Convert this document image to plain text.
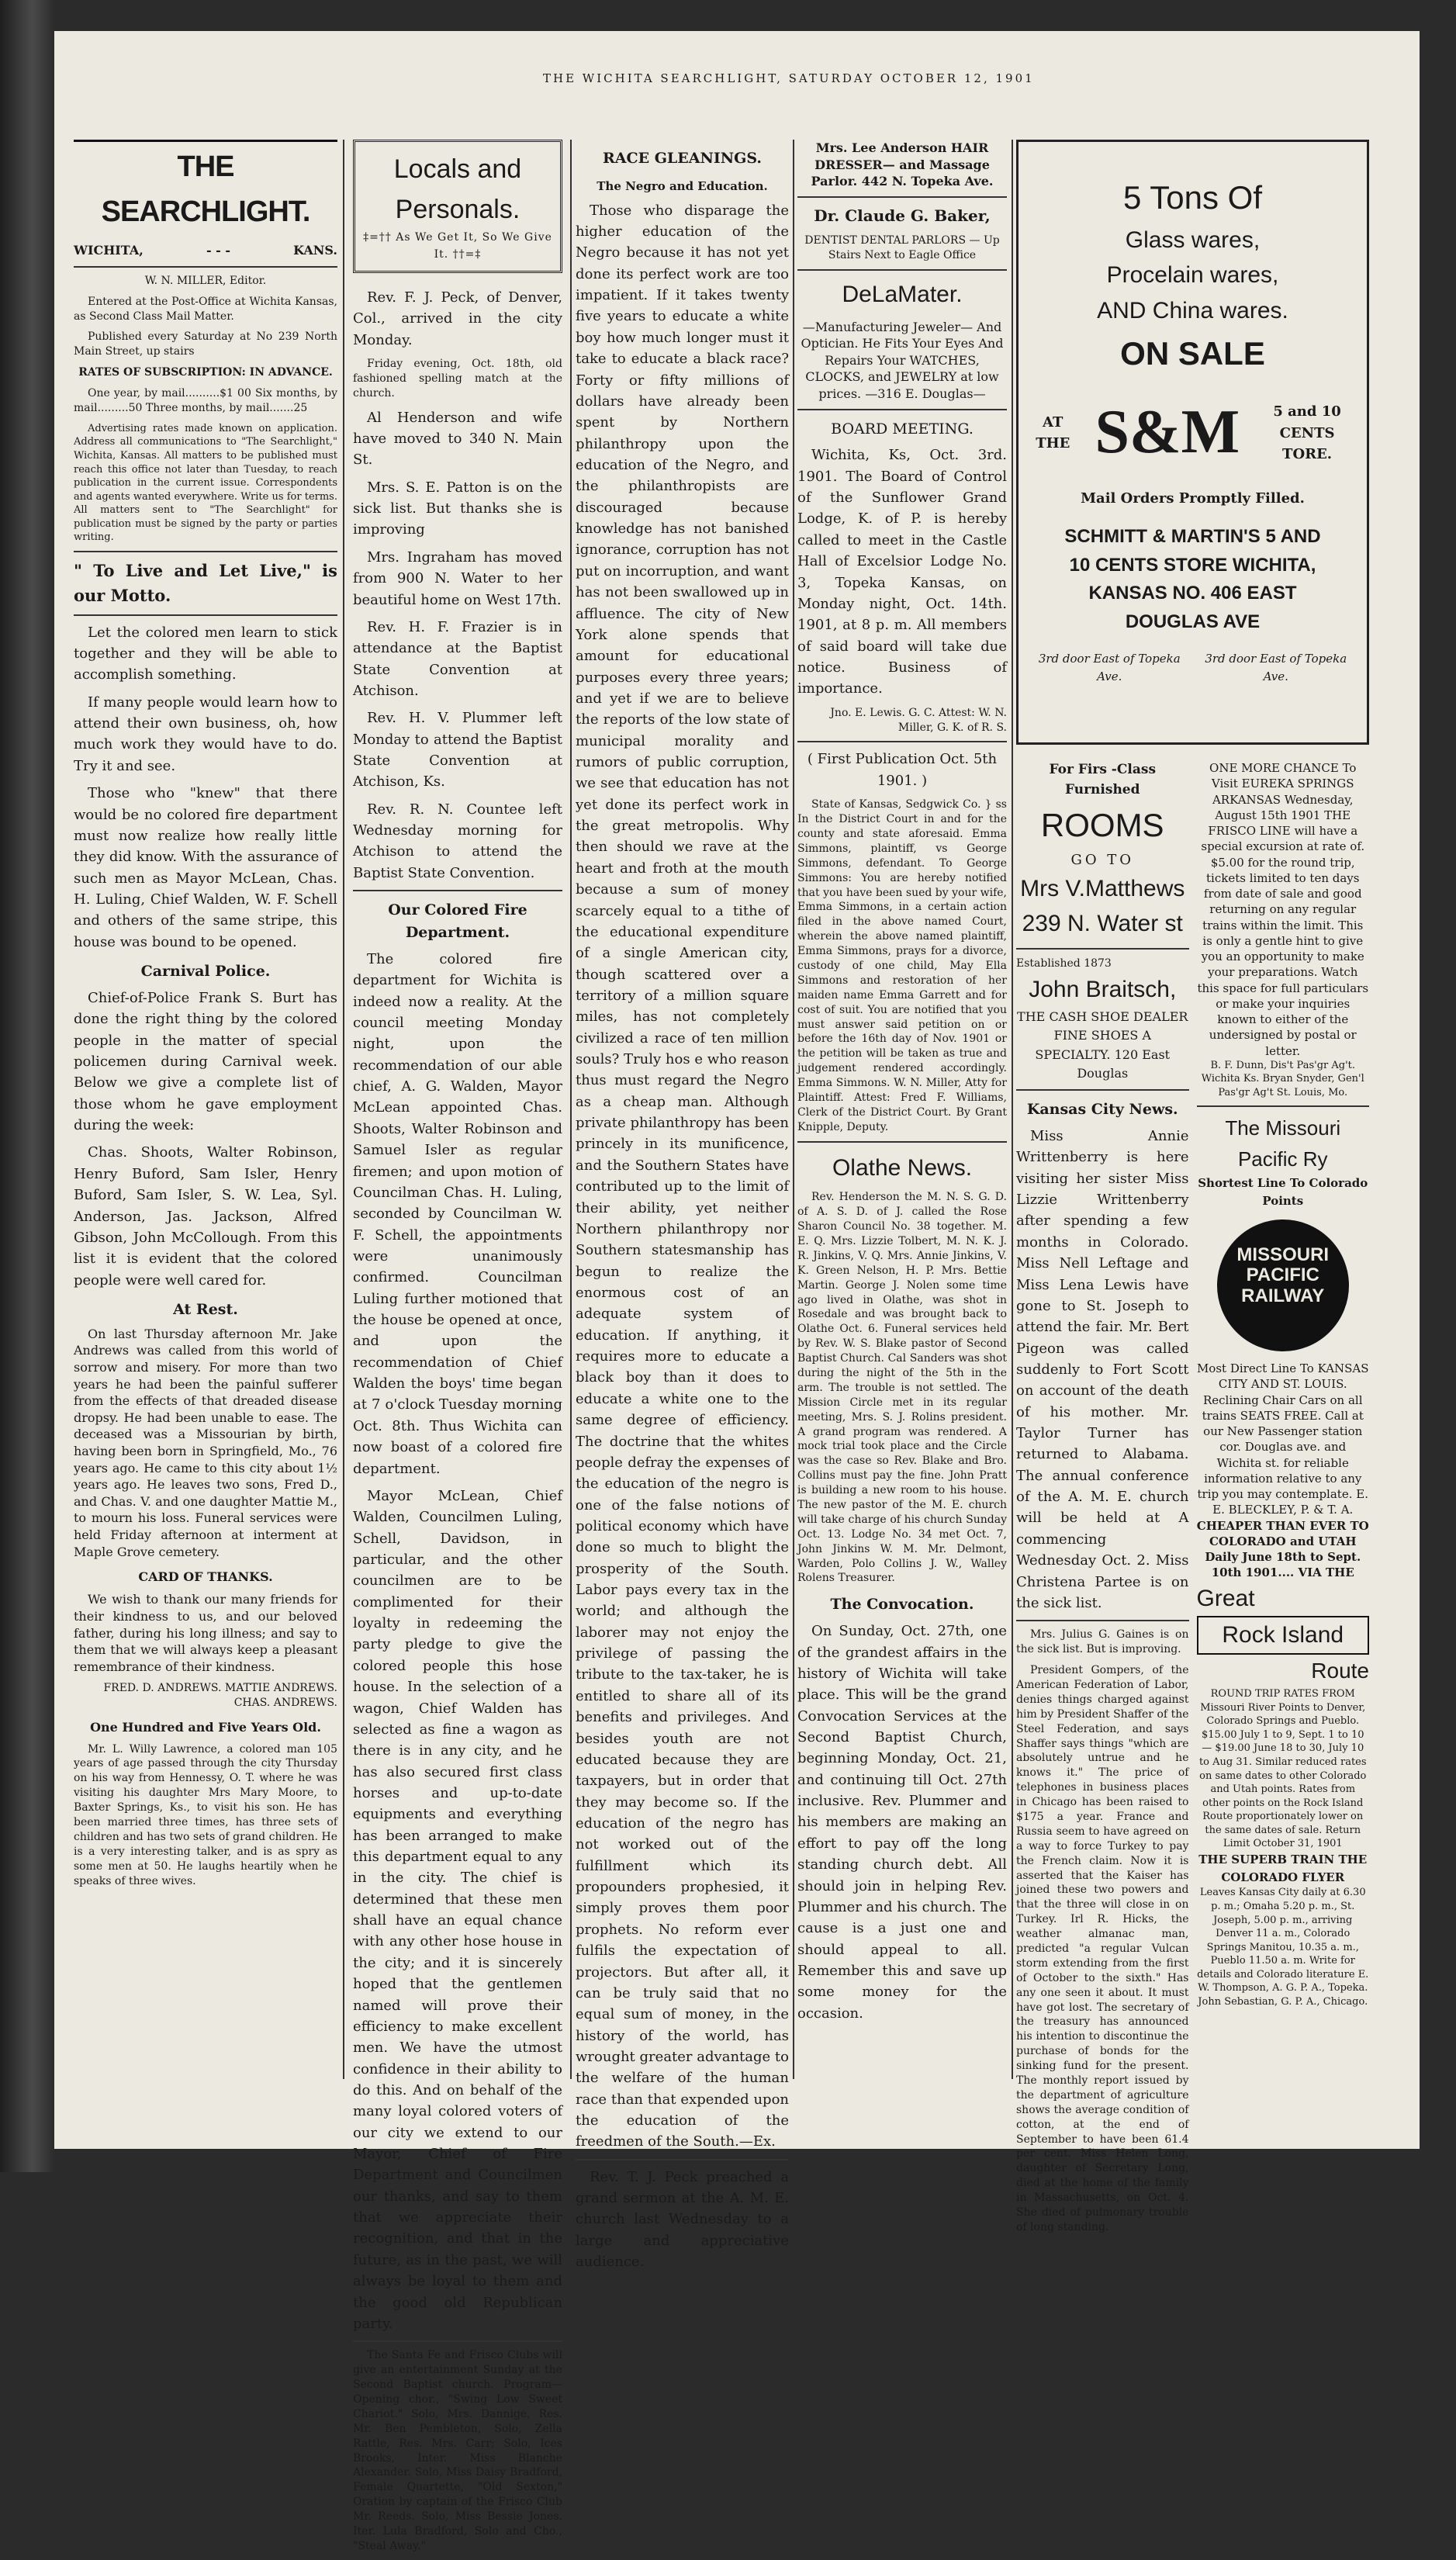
THE WICHITA SEARCHLIGHT, SATURDAY OCTOBER 12, 1901
THE SEARCHLIGHT.
WICHITA,	- - -	KANS.

W. N. MILLER, Editor.

Entered at the Post-Office at Wichita Kansas, as Second Class Mail Matter.

Published every Saturday at No 239 North Main Street, up stairs

RATES OF SUBSCRIPTION: IN ADVANCE.

One year, by mail..........$1 00 Six months, by mail.........50 Three months, by mail.......25

Advertising rates made known on application. Address all communications to "The Searchlight," Wichita, Kansas. All matters to be published must reach this office not later than Tuesday, to reach publication in the current issue. Correspondents and agents wanted everywhere. Write us for terms. All matters sent to "The Searchlight" for publication must be signed by the party or parties writing.

" To Live and Let Live," is our Motto.

Let the colored men learn to stick together and they will be able to accomplish something.

If many people would learn how to attend their own business, oh, how much work they would have to do. Try it and see.

Those who "knew" that there would be no colored fire department must now realize how really little they did know. With the assurance of such men as Mayor McLean, Chas. H. Luling, Chief Walden, W. F. Schell and others of the same stripe, this house was bound to be opened.

Carnival Police.

Chief-of-Police Frank S. Burt has done the right thing by the colored people in the matter of special policemen during Carnival week. Below we give a complete list of those whom he gave employment during the week:

Chas. Shoots, Walter Robinson, Henry Buford, Sam Isler, Henry Buford, Sam Isler, S. W. Lea, Syl. Anderson, Jas. Jackson, Alfred Gibson, John McCollough. From this list it is evident that the colored people were well cared for.

At Rest.

On last Thursday afternoon Mr. Jake Andrews was called from this world of sorrow and misery. For more than two years he had been the painful sufferer from the effects of that dreaded disease dropsy. He had been unable to ease. The deceased was a Missourian by birth, having been born in Springfield, Mo., 76 years ago. He came to this city about 1½ years ago. He leaves two sons, Fred D., and Chas. V. and one daughter Mattie M., to mourn his loss. Funeral services were held Friday afternoon at interment at Maple Grove cemetery.

CARD OF THANKS.

We wish to thank our many friends for their kindness to us, and our beloved father, during his long illness; and say to them that we will always keep a pleasant remembrance of their kindness.

FRED. D. ANDREWS. MATTIE ANDREWS. CHAS. ANDREWS.

One Hundred and Five Years Old.

Mr. L. Willy Lawrence, a colored man 105 years of age passed through the city Thursday on his way from Hennessy, O. T. where he was visiting his daughter Mrs Mary Moore, to Baxter Springs, Ks., to visit his son. He has been married three times, has three sets of children and has two sets of grand children. He is a very interesting talker, and is as spry as some men at 50. He laughs heartily when he speaks of three wives.

Locals and Personals.
‡=†† As We Get It, So We Give It. ††=‡

Rev. F. J. Peck, of Denver, Col., arrived in the city Monday.

Friday evening, Oct. 18th, old fashioned spelling match at the church.

Al Henderson and wife have moved to 340 N. Main St.

Mrs. S. E. Patton is on the sick list. But thanks she is improving

Mrs. Ingraham has moved from 900 N. Water to her beautiful home on West 17th.

Rev. H. F. Frazier is in attendance at the Baptist State Convention at Atchison.

Rev. H. V. Plummer left Monday to attend the Baptist State Convention at Atchison, Ks.

Rev. R. N. Countee left Wednesday morning for Atchison to attend the Baptist State Convention.

Our Colored Fire Department.

The colored fire department for Wichita is indeed now a reality. At the council meeting Monday night, upon the recommendation of our able chief, A. G. Walden, Mayor McLean appointed Chas. Shoots, Walter Robinson and Samuel Isler as regular firemen; and upon motion of Councilman Chas. H. Luling, seconded by Councilman W. F. Schell, the appointments were unanimously confirmed. Councilman Luling further motioned that the house be opened at once, and upon the recommendation of Chief Walden the boys' time began at 7 o'clock Tuesday morning Oct. 8th. Thus Wichita can now boast of a colored fire department.

Mayor McLean, Chief Walden, Councilmen Luling, Schell, Davidson, in particular, and the other councilmen are to be complimented for their loyalty in redeeming the party pledge to give the colored people this hose house. In the selection of a wagon, Chief Walden has selected as fine a wagon as there is in any city, and he has also secured first class horses and up-to-date equipments and everything has been arranged to make this department equal to any in the city. The chief is determined that these men shall have an equal chance with any other hose house in the city; and it is sincerely hoped that the gentlemen named will prove their efficiency to make excellent men. We have the utmost confidence in their ability to do this. And on behalf of the many loyal colored voters of our city we extend to our Mayor, Chief of Fire Department and Councilmen our thanks, and say to them that we appreciate their recognition, and that in the future, as in the past, we will always be loyal to them and the good old Republican party.

The Santa Fe and Frisco Clubs will give an entertainment Sunday at the Second Baptist church. Program—Opening chor., "Swing Low Sweet Chariot." Solo, Mrs. Dannige, Res. Mr. Ben Pembleton, Solo, Zella Rattle, Res. Mrs. Carr; Solo, Ices Brooks, Inter. Miss Blanche Alexander. Solo, Miss Daisy Bradford, Female Quartette, "Old Sexton," Oration by captain of the Frisco Club Mr. Reeds. Solo, Miss Bessie Jones. Iter. Lula Bradford, Solo and Cho., "Steal Away."

RACE GLEANINGS.
The Negro and Education.

Those who disparage the higher education of the Negro because it has not yet done its perfect work are too impatient. If it takes twenty five years to educate a white boy how much longer must it take to educate a black race? Forty or fifty millions of dollars have already been spent by Northern philanthropy upon the education of the Negro, and the philanthropists are discouraged because knowledge has not banished ignorance, corruption has not put on incorruption, and want has not been swallowed up in affluence. The city of New York alone spends that amount for educational purposes every three years; and yet if we are to believe the reports of the low state of municipal morality and rumors of public corruption, we see that education has not yet done its perfect work in the great metropolis. Why then should we rave at the heart and froth at the mouth because a sum of money scarcely equal to a tithe of the educational expenditure of a single American city, though scattered over a territory of a million square miles, has not completely civilized a race of ten million souls? Truly hos e who reason thus must regard the Negro as a cheap man. Although private philanthropy has been princely in its munificence, and the Southern States have contributed up to the limit of their ability, yet neither Northern philanthropy nor Southern statesmanship has begun to realize the enormous cost of an adequate system of education. If anything, it requires more to educate a black boy than it does to educate a white one to the same degree of efficiency. The doctrine that the whites people defray the expenses of the education of the negro is one of the false notions of political economy which have done so much to blight the prosperity of the South. Labor pays every tax in the world; and although the laborer may not enjoy the privilege of passing the tribute to the tax-taker, he is entitled to share all of its benefits and privileges. And besides youth are not educated because they are taxpayers, but in order that they may become so. If the education of the negro has not worked out of the fulfillment which its propounders prophesied, it simply proves them poor prophets. No reform ever fulfils the expectation of projectors. But after all, it can be truly said that no equal sum of money, in the history of the world, has wrought greater advantage to the welfare of the human race than that expended upon the education of the freedmen of the South.—Ex.

Rev. T. J. Peck preached a grand sermon at the A. M. E. church last Wednesday to a large and appreciative audience.

Mrs. Lee Anderson HAIR DRESSER— and Massage Parlor. 442 N. Topeka Ave.

Dr. Claude G. Baker,

DENTIST DENTAL PARLORS — Up Stairs Next to Eagle Office

DeLaMater.

—Manufacturing Jeweler— And Optician. He Fits Your Eyes And Repairs Your WATCHES, CLOCKS, and JEWELRY at low prices. —316 E. Douglas—

BOARD MEETING.

Wichita, Ks, Oct. 3rd. 1901. The Board of Control of the Sunflower Grand Lodge, K. of P. is hereby called to meet in the Castle Hall of Excelsior Lodge No. 3, Topeka Kansas, on Monday night, Oct. 14th. 1901, at 8 p. m. All members of said board will take due notice. Business of importance.

Jno. E. Lewis. G. C. Attest: W. N. Miller, G. K. of R. S.

( First Publication Oct. 5th 1901. )

State of Kansas, Sedgwick Co. } ss In the District Court in and for the county and state aforesaid. Emma Simmons, plaintiff, vs George Simmons, defendant. To George Simmons: You are hereby notified that you have been sued by your wife, Emma Simmons, in a certain action filed in the above named Court, wherein the above named plaintiff, Emma Simmons, prays for a divorce, custody of one child, May Ella Simmons and restoration of her maiden name Emma Garrett and for cost of suit. You are notified that you must answer said petition on or before the 16th day of Nov. 1901 or the petition will be taken as true and judgement rendered accordingly. Emma Simmons. W. N. Miller, Atty for Plaintiff. Attest: Fred F. Williams, Clerk of the District Court. By Grant Knipple, Deputy.

Olathe News.

Rev. Henderson the M. N. S. G. D. of A. S. D. of J. called the Rose Sharon Council No. 38 together. M. E. Q. Mrs. Lizzie Tolbert, M. N. K. J. R. Jinkins, V. Q. Mrs. Annie Jinkins, V. K. Green Nelson, H. P. Mrs. Bettie Martin. George J. Nolen some time ago lived in Olathe, was shot in Rosedale and was brought back to Olathe Oct. 6. Funeral services held by Rev. W. S. Blake pastor of Second Baptist Church. Cal Sanders was shot during the night of the 5th in the arm. The trouble is not settled. The Mission Circle met in its regular meeting, Mrs. S. J. Rolins president. A grand program was rendered. A mock trial took place and the Circle was the case so Rev. Blake and Bro. Collins must pay the fine. John Pratt is building a new room to his house. The new pastor of the M. E. church will take charge of his church Sunday Oct. 13. Lodge No. 34 met Oct. 7, John Jinkins W. M. Mr. Delmont, Warden, Polo Collins J. W., Walley Rolens Treasurer.

The Convocation.

On Sunday, Oct. 27th, one of the grandest affairs in the history of Wichita will take place. This will be the grand Convocation Services at the Second Baptist Church, beginning Monday, Oct. 21, and continuing till Oct. 27th inclusive. Rev. Plummer and his members are making an effort to pay off the long standing church debt. All should join in helping Rev. Plummer and his church. The cause is a just one and should appeal to all. Remember this and save up some money for the occasion.

5 Tons Of
Glass wares,
Procelain wares,
AND China wares.
ON SALE
AT THE S&M	5 and 10 CENTS TORE.
Mail Orders Promptly Filled.
SCHMITT & MARTIN'S 5 AND 10 CENTS STORE WICHITA, KANSAS NO. 406 EAST DOUGLAS AVE
3rd door East of Topeka Ave.
3rd door East of Topeka Ave.
For Firs -Class Furnished
ROOMS
GO TO
Mrs V.Matthews
239 N. Water st
Established 1873
John Braitsch,
THE CASH SHOE DEALER FINE SHOES A SPECIALTY. 120 East Douglas
Kansas City News.

Miss Annie Writtenberry is here visiting her sister Miss Lizzie Writtenberry after spending a few months in Colorado. Miss Nell Leftage and Miss Lena Lewis have gone to St. Joseph to attend the fair. Mr. Bert Pigeon was called suddenly to Fort Scott on account of the death of his mother. Mr. Taylor Turner has returned to Alabama. The annual conference of the A. M. E. church will be held at A commencing Wednesday Oct. 2. Miss Christena Partee is on the sick list.

Mrs. Julius G. Gaines is on the sick list. But is improving.

President Gompers, of the American Federation of Labor, denies things charged against him by President Shaffer of the Steel Federation, and says Shaffer says things "which are absolutely untrue and he knows it." The price of telephones in business places in Chicago has been raised to $175 a year. France and Russia seem to have agreed on a way to force Turkey to pay the French claim. Now it is asserted that the Kaiser has joined these two powers and that the three will close in on Turkey. Irl R. Hicks, the weather almanac man, predicted "a regular Vulcan storm extending from the first of October to the sixth." Has any one seen it about. It must have got lost. The secretary of the treasury has announced his intention to discontinue the purchase of bonds for the sinking fund for the present. The monthly report issued by the department of agriculture shows the average condition of cotton, at the end of September to have been 61.4 per cent. Miss Helen Long, daughter of Secretary Long, died at the home of the family in Massachusetts, on Oct. 4. She died of pulmonary trouble of long standing.

ONE MORE CHANCE To Visit EUREKA SPRINGS ARKANSAS Wednesday, August 15th 1901 THE FRISCO LINE will have a special excursion at rate of. $5.00 for the round trip, tickets limited to ten days from date of sale and good returning on any regular trains within the limit. This is only a gentle hint to give you an opportunity to make your preparations. Watch this space for full particulars or make your inquiries known to either of the undersigned by postal or letter.
B. F. Dunn, Dis't Pas'gr Ag't. Wichita Ks. Bryan Snyder, Gen'l Pas'gr Ag't St. Louis, Mo.
The Missouri Pacific Ry
Shortest Line To Colorado Points
MISSOURI PACIFIC RAILWAY
Most Direct Line To KANSAS CITY AND ST. LOUIS. Reclining Chair Cars on all trains SEATS FREE. Call at our New Passenger station cor. Douglas ave. and Wichita st. for reliable information relative to any trip you may contemplate. E. E. BLECKLEY, P. & T. A.
CHEAPER THAN EVER TO COLORADO and UTAH Daily June 18th to Sept. 10th 1901.... VIA THE
Great
Rock Island
Route
ROUND TRIP RATES FROM Missouri River Points to Denver, Colorado Springs and Pueblo. $15.00 July 1 to 9, Sept. 1 to 10 — $19.00 June 18 to 30, July 10 to Aug 31. Similar reduced rates on same dates to other Colorado and Utah points. Rates from other points on the Rock Island Route proportionately lower on the same dates of sale. Return Limit October 31, 1901
THE SUPERB TRAIN THE COLORADO FLYER
Leaves Kansas City daily at 6.30 p. m.; Omaha 5.20 p. m., St. Joseph, 5.00 p. m., arriving Denver 11 a. m., Colorado Springs Manitou, 10.35 a. m., Pueblo 11.50 a. m. Write for details and Colorado literature E. W. Thompson, A. G. P. A., Topeka. John Sebastian, G. P. A., Chicago.
